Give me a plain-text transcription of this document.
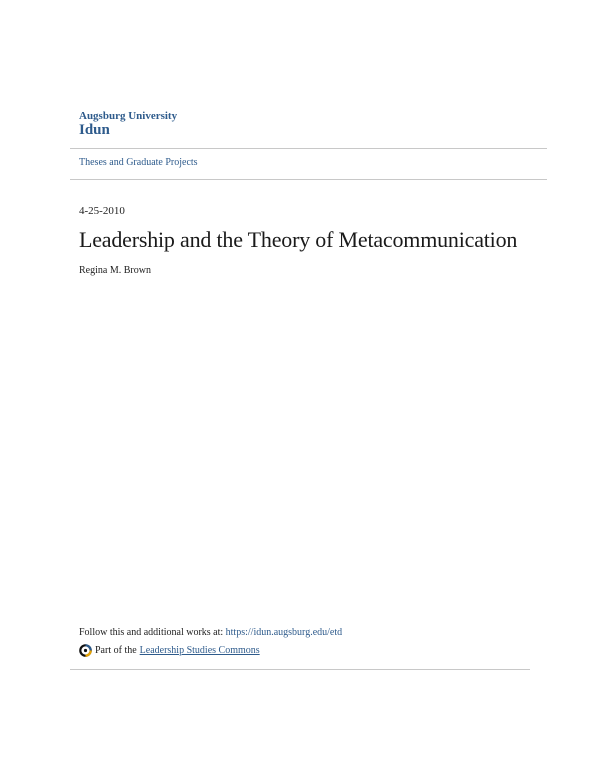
Augsburg University
Idun
Theses and Graduate Projects
4-25-2010
Leadership and the Theory of Metacommunication
Regina M. Brown
Follow this and additional works at: https://idun.augsburg.edu/etd
Part of the Leadership Studies Commons
